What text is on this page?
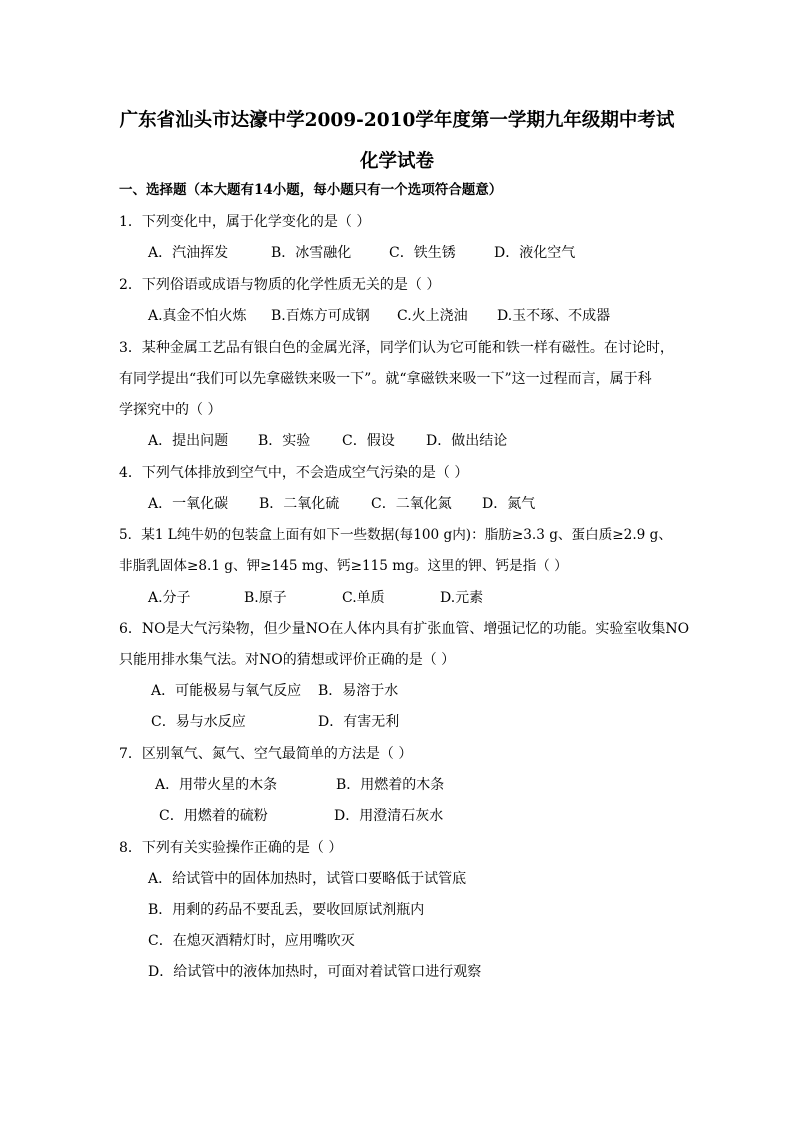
广东省汕头市达濠中学2009-2010学年度第一学期九年级期中考试
化学试卷
一、选择题（本大题有14小题，每小题只有一个选项符合题意）
1．下列变化中，属于化学变化的是（ ）
A．汽油挥发	B．冰雪融化	C．铁生锈	D．液化空气
2．下列俗语或成语与物质的化学性质无关的是（ ）
A.真金不怕火炼 B.百炼方可成钢 C.火上浇油 D.玉不琢、不成器
3．某种金属工艺品有银白色的金属光泽，同学们认为它可能和铁一样有磁性。在讨论时，
有同学提出“我们可以先拿磁铁来吸一下”。就“拿磁铁来吸一下”这一过程而言，属于科
学探究中的（ ）
A．提出问题 B．实验 C．假设 D．做出结论
4．下列气体排放到空气中，不会造成空气污染的是（ ）
A．一氧化碳 B．二氧化硫 C．二氧化氮 D．氮气
5．某1 L纯牛奶的包装盒上面有如下一些数据(每100 g内)：脂肪≥3.3 g、蛋白质≥2.9 g、
非脂乳固体≥8.1 g、钾≥145 mg、钙≥115 mg。这里的钾、钙是指（ ）
A.分子	B.原子	C.单质	D.元素
6．NO是大气污染物，但少量NO在人体内具有扩张血管、增强记忆的功能。实验室收集NO
只能用排水集气法。对NO的猜想或评价正确的是（ ）
A．可能极易与氧气反应 B．易溶于水
C．易与水反应	D．有害无利
7．区别氧气、氮气、空气最简单的方法是（ ）
A．用带火星的木条	B．用燃着的木条
C．用燃着的硫粉	D．用澄清石灰水
8．下列有关实验操作正确的是（ ）
A．给试管中的固体加热时，试管口要略低于试管底
B．用剩的药品不要乱丢，要收回原试剂瓶内
C．在熄灭酒精灯时，应用嘴吹灭
D．给试管中的液体加热时，可面对着试管口进行观察
